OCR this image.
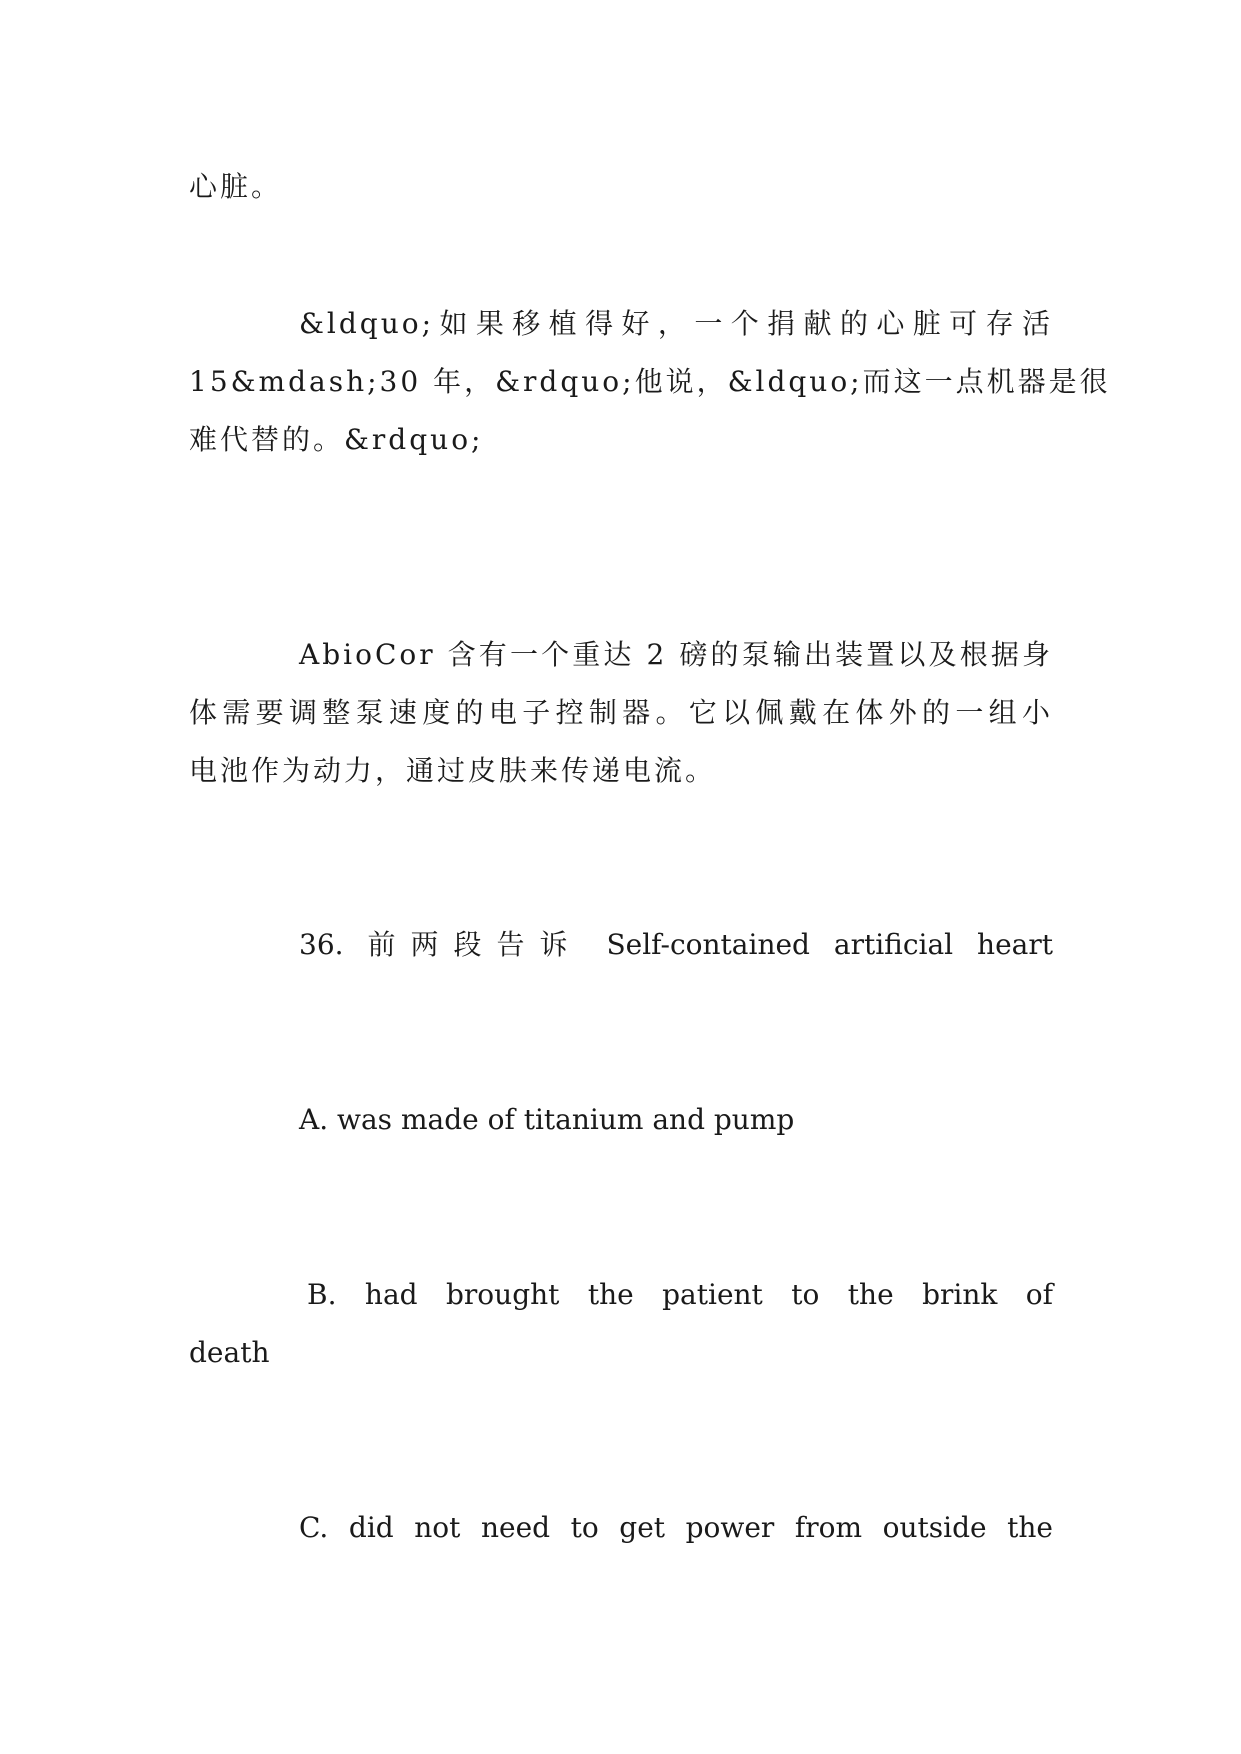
心脏。
&ldquo;如果移植得好，一个捐献的心脏可存活
15&mdash;30 年，&rdquo;他说，&ldquo;而这一点机器是很
难代替的。&rdquo;
AbioCor 含有一个重达 2 磅的泵输出装置以及根据身
体需要调整泵速度的电子控制器。它以佩戴在体外的一组小
电池作为动力，通过皮肤来传递电流。
36. 前两段告诉 Self-contained artificial heart
A. was made of titanium and pump
B. had brought the patient to the brink of
death
C. did not need to get power from outside the
